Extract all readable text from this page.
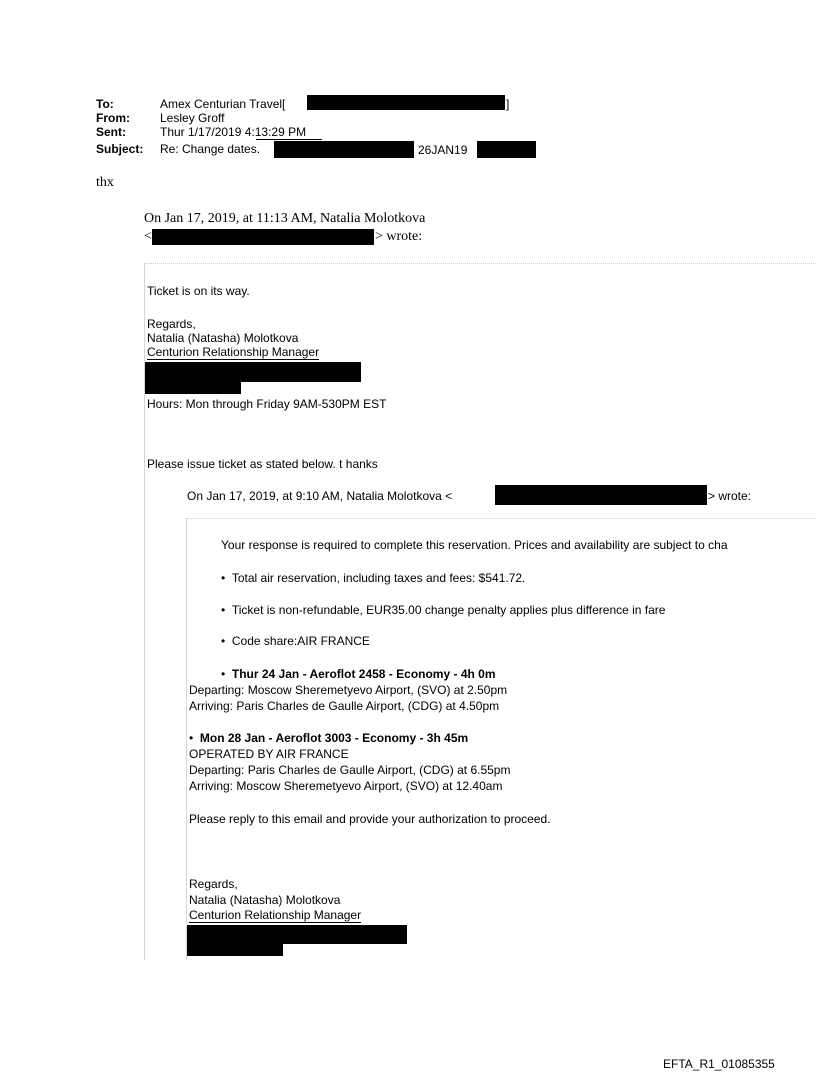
To:	Amex Centurian Travel[	]
From:	Lesley Groff
Sent:	Thur 1/17/2019 4:13:29 PM
Subject: Re: Change dates.	26JAN19
thx
On Jan 17, 2019, at 11:13 AM, Natalia Molotkova
<	> wrote:
Ticket is on its way.
Regards,
Natalia (Natasha) Molotkova
Centurion Relationship Manager
Hours: Mon through Friday 9AM-530PM EST
Please issue ticket as stated below. t hanks
On Jan 17, 2019, at 9:10 AM, Natalia Molotkova <	> wrote:
Your response is required to complete this reservation. Prices and availability are subject to cha
• Total air reservation, including taxes and fees: $541.72.
• Ticket is non-refundable, EUR35.00 change penalty applies plus difference in fare
• Code share:AIR FRANCE
• Thur 24 Jan - Aeroflot 2458 - Economy - 4h 0m
Departing: Moscow Sheremetyevo Airport, (SVO) at 2.50pm
Arriving: Paris Charles de Gaulle Airport, (CDG) at 4.50pm
• Mon 28 Jan - Aeroflot 3003 - Economy - 3h 45m
OPERATED BY AIR FRANCE
Departing: Paris Charles de Gaulle Airport, (CDG) at 6.55pm
Arriving: Moscow Sheremetyevo Airport, (SVO) at 12.40am
Please reply to this email and provide your authorization to proceed.
Regards,
Natalia (Natasha) Molotkova
Centurion Relationship Manager
EFTA_R1_01085355
